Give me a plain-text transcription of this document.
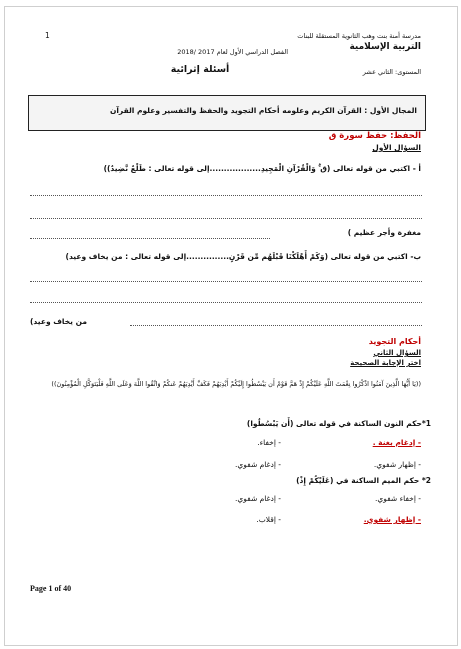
1	مدرسة أمنة بنت وهب الثانوية المستقلة للبنات
التربية الإسلامية
الفصل الدراسي الأول لعام 2017 /2018
المستوى: الثاني عشر
أسئلة إثرائية
المجال الأول : القرآن الكريم وعلومه أحكام التجويد والحفظ والتفسير وعلوم القرآن
الحفظ: حفظ سورة ق
السؤال الأول
أ - اكتبي من قوله تعالى (ق ۚ وَالْقُرْآنِ الْمَجِيدِ..................إلى قوله تعالى : طَلْعٌ نَّضِيدٌ))
مغفرة وأجر عظيم )
ب- اكتبي من قوله تعالى (وَكَمْ أَهْلَكْنَا قَبْلَهُم مِّن قَرْنٍ...............إلى قوله تعالى : من يخاف وعيد)
من يخاف وعيد)
أحكام التجويد
السؤال الثاني
اختر الإجابة الصحيحة
((يَا أَيُّهَا الَّذِينَ آمَنُوا اذْكُرُوا نِعْمَتَ اللَّهِ عَلَيْكُمْ إِذْ هَمَّ قَوْمٌ أَن يَبْسُطُوا إِلَيْكُمْ أَيْدِيَهُمْ فَكَفَّ أَيْدِيَهُمْ عَنكُمْ وَاتَّقُوا اللَّهَ وَعَلَى اللَّهِ فَلْيَتَوَكَّلِ الْمُؤْمِنُونَ))
1*حكم النون الساكنة في قوله تعالى (أَن يَبْسُطُوا)
- إدغام بغنة .
- إخفاء.
- إظهار شفوي.
- إدغام شفوي.
2* حكم الميم الساكنة في (عَلَيْكُمْ إِذْ)
- إخفاء شفوي.
- إدغام شفوي.
- إظهار شفوي.
- إقلاب.
Page 1 of 40
